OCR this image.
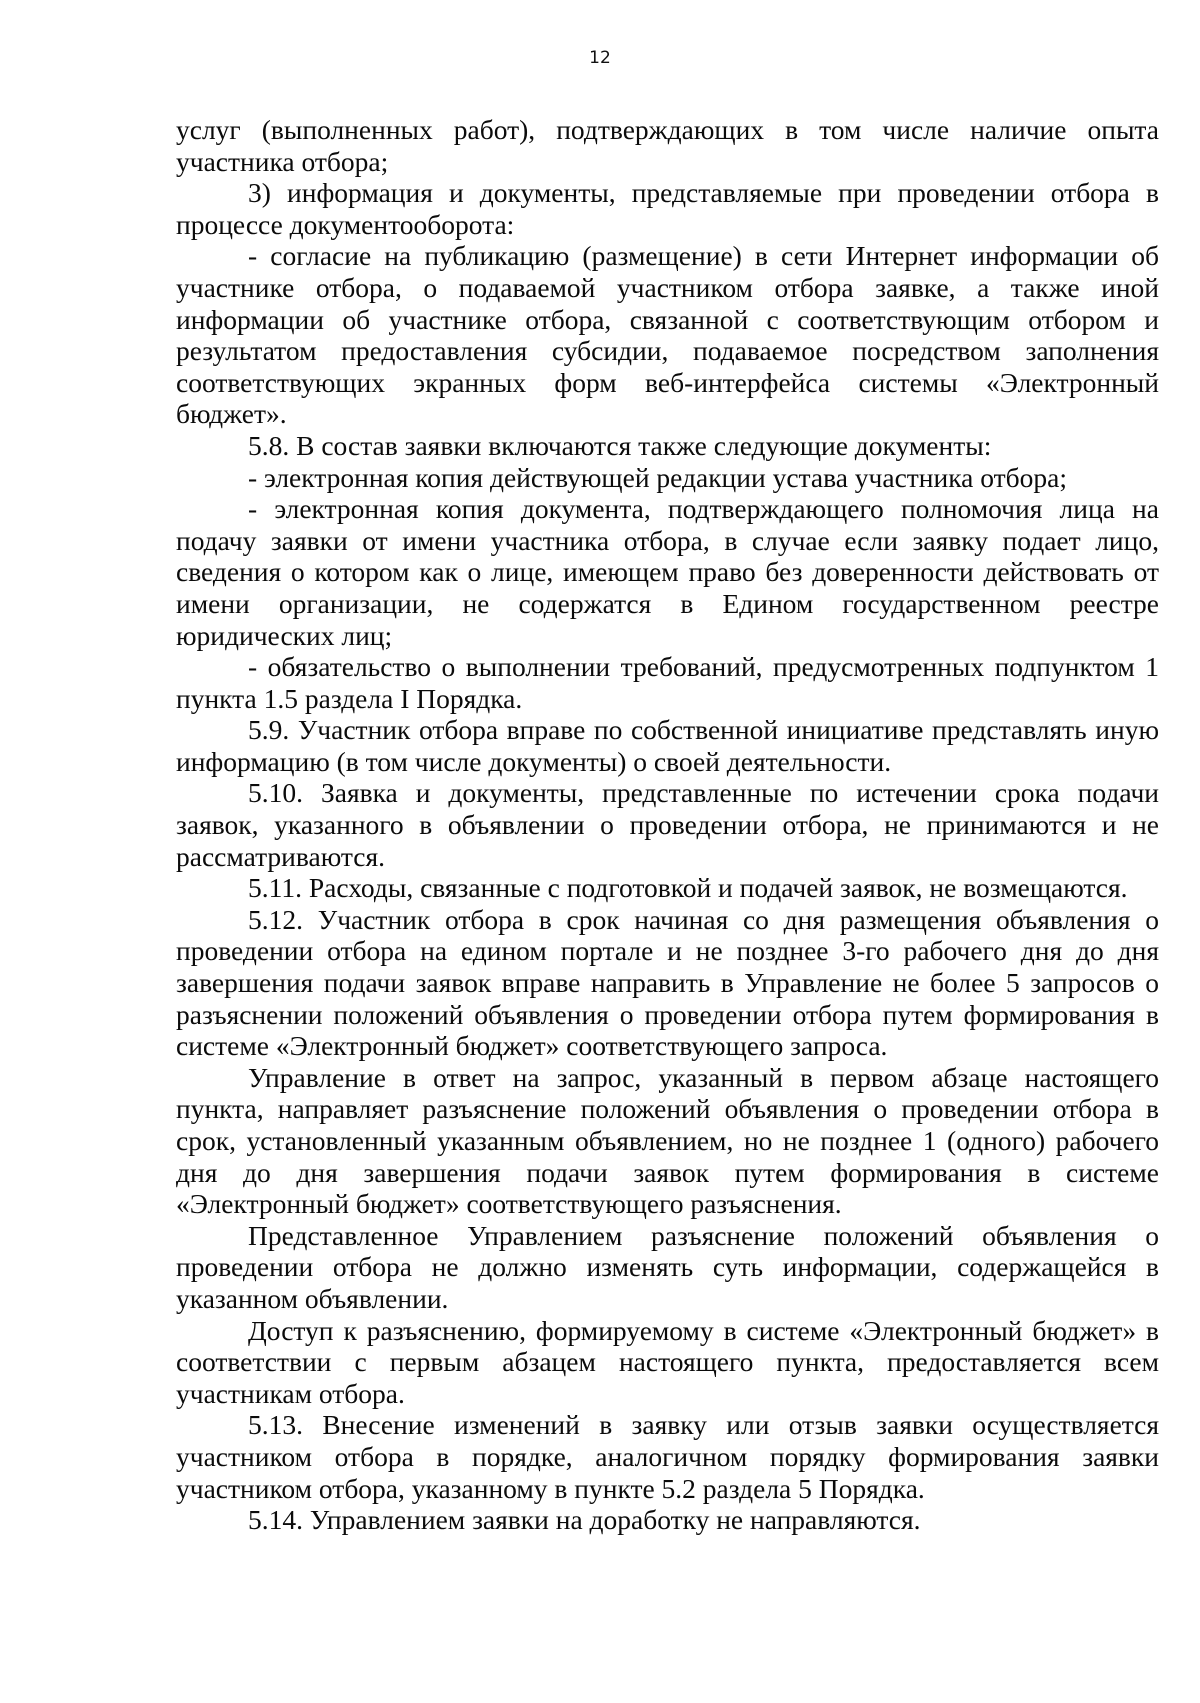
12

услуг (выполненных работ), подтверждающих в том числе наличие опыта участника отбора;

3) информация и документы, представляемые при проведении отбора в процессе документооборота:

- согласие на публикацию (размещение) в сети Интернет информации об участнике отбора, о подаваемой участником отбора заявке, а также иной информации об участнике отбора, связанной с соответствующим отбором и результатом предоставления субсидии, подаваемое посредством заполнения соответствующих экранных форм веб-интерфейса системы «Электронный бюджет».

5.8. В состав заявки включаются также следующие документы:

- электронная копия действующей редакции устава участника отбора;

- электронная копия документа, подтверждающего полномочия лица на подачу заявки от имени участника отбора, в случае если заявку подает лицо, сведения о котором как о лице, имеющем право без доверенности действовать от имени организации, не содержатся в Едином государственном реестре юридических лиц;

- обязательство о выполнении требований, предусмотренных подпунктом 1 пункта 1.5 раздела I Порядка.

5.9. Участник отбора вправе по собственной инициативе представлять иную информацию (в том числе документы) о своей деятельности.

5.10. Заявка и документы, представленные по истечении срока подачи заявок, указанного в объявлении о проведении отбора, не принимаются и не рассматриваются.

5.11. Расходы, связанные с подготовкой и подачей заявок, не возмещаются.

5.12. Участник отбора в срок начиная со дня размещения объявления о проведении отбора на едином портале и не позднее 3-го рабочего дня до дня завершения подачи заявок вправе направить в Управление не более 5 запросов о разъяснении положений объявления о проведении отбора путем формирования в системе «Электронный бюджет» соответствующего запроса.

Управление в ответ на запрос, указанный в первом абзаце настоящего пункта, направляет разъяснение положений объявления о проведении отбора в срок, установленный указанным объявлением, но не позднее 1 (одного) рабочего дня до дня завершения подачи заявок путем формирования в системе «Электронный бюджет» соответствующего разъяснения.

Представленное Управлением разъяснение положений объявления о проведении отбора не должно изменять суть информации, содержащейся в указанном объявлении.

Доступ к разъяснению, формируемому в системе «Электронный бюджет» в соответствии с первым абзацем настоящего пункта, предоставляется всем участникам отбора.

5.13. Внесение изменений в заявку или отзыв заявки осуществляется участником отбора в порядке, аналогичном порядку формирования заявки участником отбора, указанному в пункте 5.2 раздела 5 Порядка.

5.14. Управлением заявки на доработку не направляются.
